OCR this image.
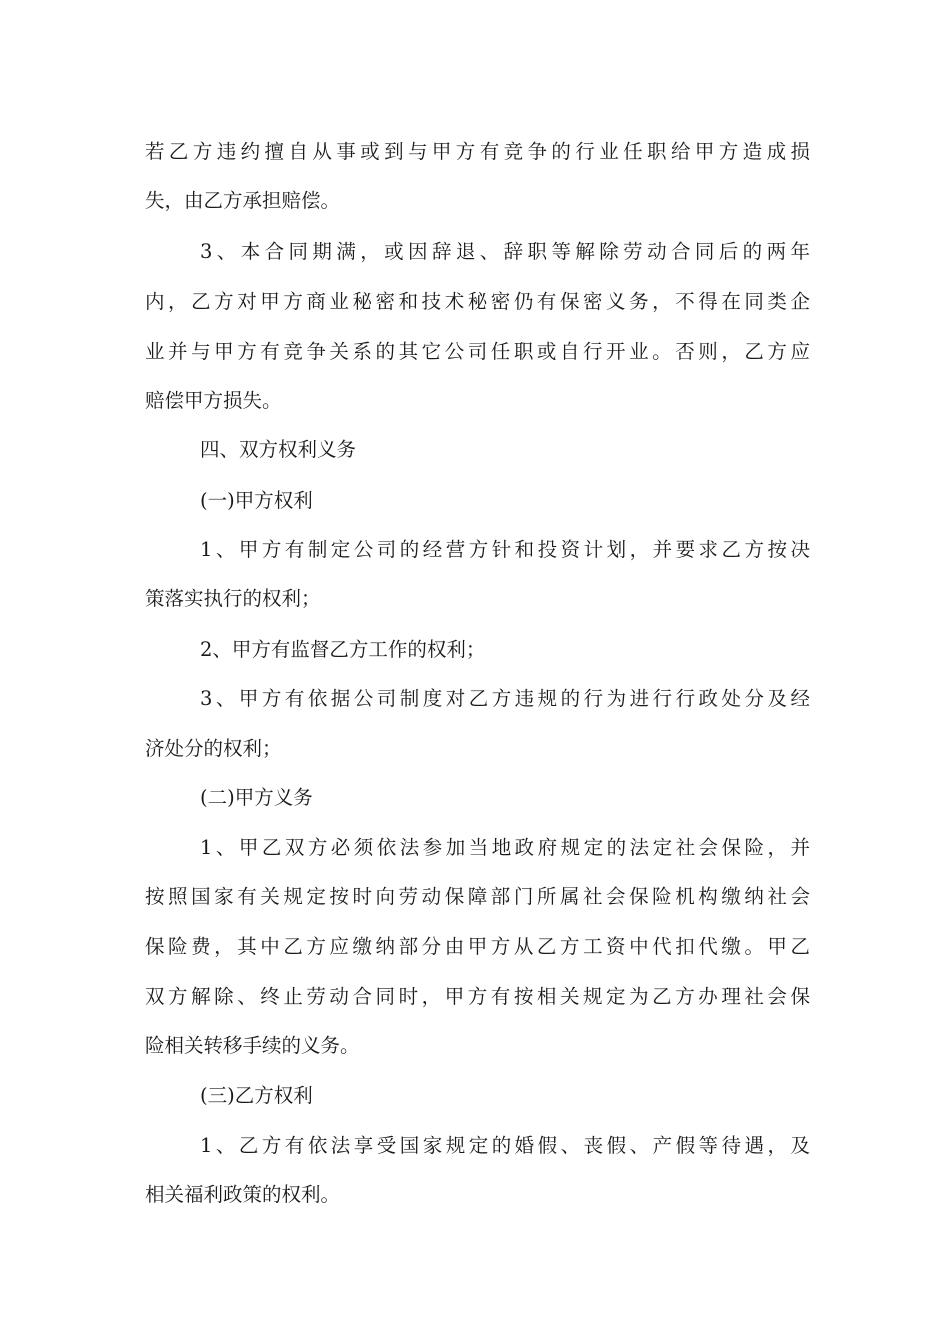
若乙方违约擅自从事或到与甲方有竞争的行业任职给甲方造成损

失，由乙方承担赔偿。

3、本合同期满，或因辞退、辞职等解除劳动合同后的两年

内，乙方对甲方商业秘密和技术秘密仍有保密义务，不得在同类企

业并与甲方有竞争关系的其它公司任职或自行开业。否则，乙方应

赔偿甲方损失。

四、双方权利义务

(一)甲方权利

1、甲方有制定公司的经营方针和投资计划，并要求乙方按决

策落实执行的权利；

2、甲方有监督乙方工作的权利；

3、甲方有依据公司制度对乙方违规的行为进行行政处分及经

济处分的权利；

(二)甲方义务

1、甲乙双方必须依法参加当地政府规定的法定社会保险，并

按照国家有关规定按时向劳动保障部门所属社会保险机构缴纳社会

保险费，其中乙方应缴纳部分由甲方从乙方工资中代扣代缴。甲乙

双方解除、终止劳动合同时，甲方有按相关规定为乙方办理社会保

险相关转移手续的义务。

(三)乙方权利

1、乙方有依法享受国家规定的婚假、丧假、产假等待遇，及

相关福利政策的权利。
